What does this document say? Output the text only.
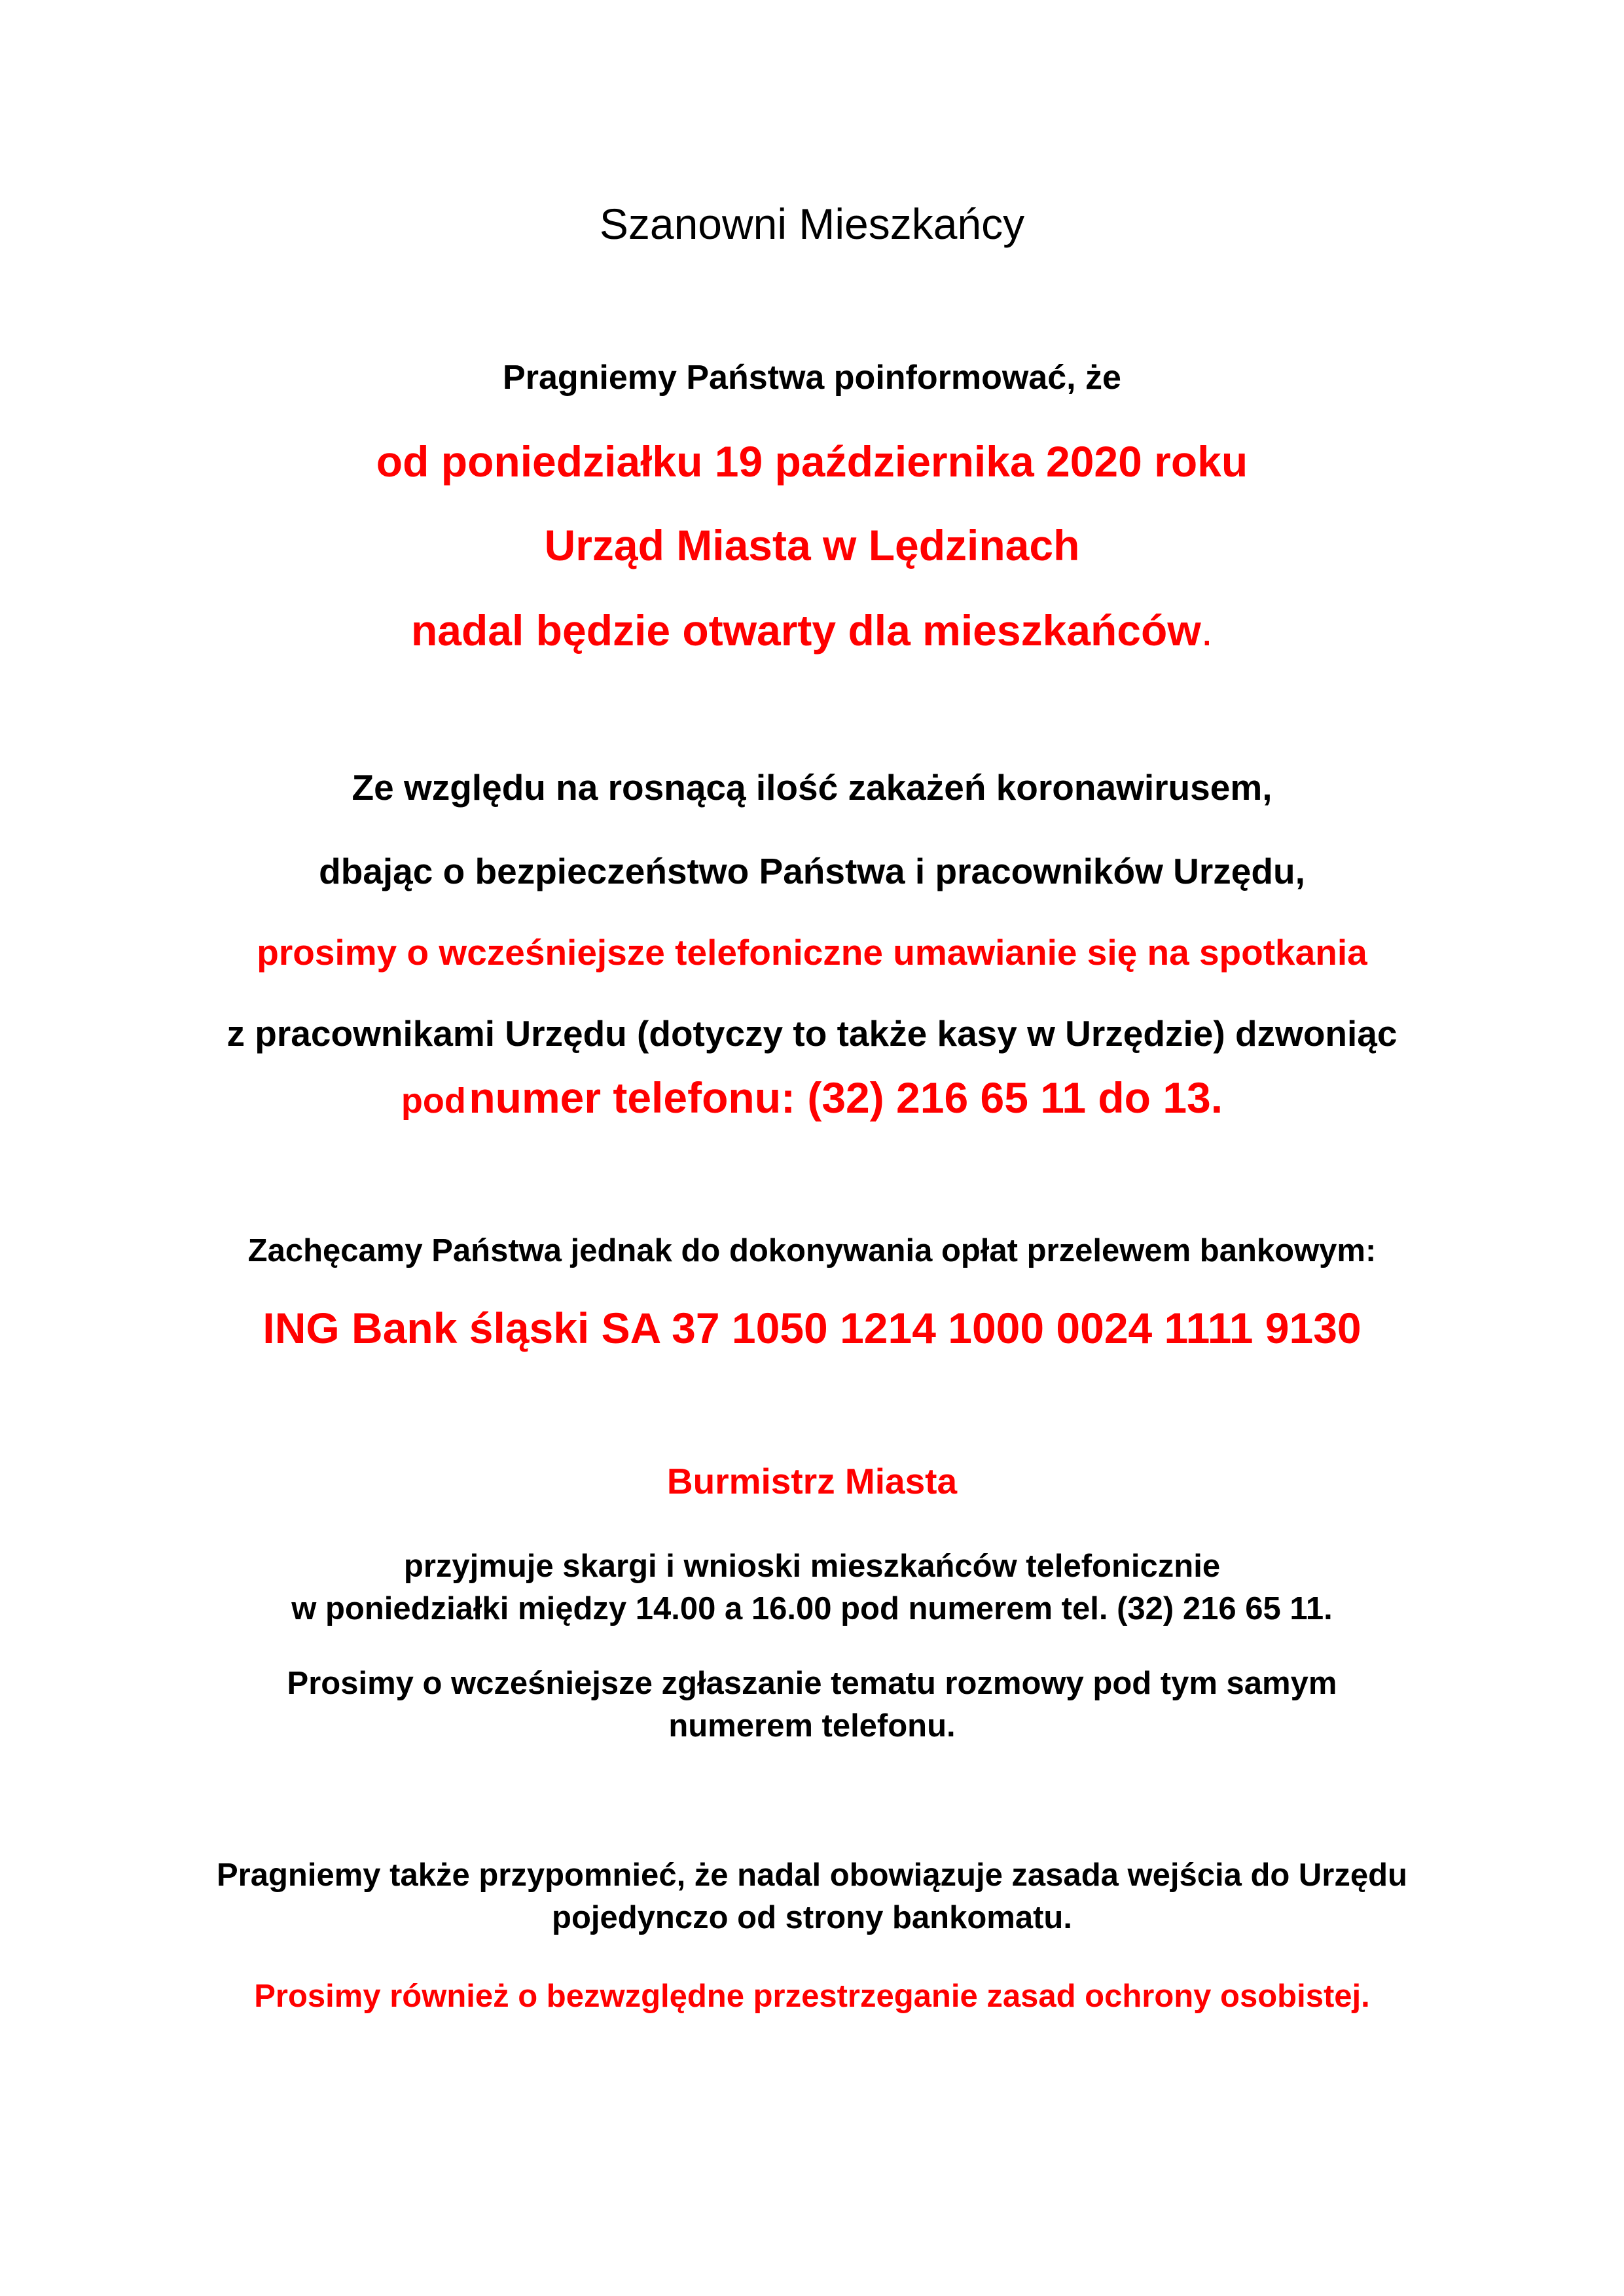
Szanowni Mieszkańcy
Pragniemy Państwa poinformować, że
od poniedziałku 19 października 2020 roku
Urząd Miasta w Lędzinach
nadal będzie otwarty dla mieszkańców.
Ze względu na rosnącą ilość zakażeń koronawirusem,
dbając o bezpieczeństwo Państwa i pracowników Urzędu,
prosimy o wcześniejsze telefoniczne umawianie się na spotkania
z pracownikami Urzędu (dotyczy to także kasy w Urzędzie) dzwoniąc
pod numer telefonu: (32) 216 65 11 do 13.
Zachęcamy Państwa jednak do dokonywania opłat przelewem bankowym:
ING Bank śląski SA 37 1050 1214 1000 0024 1111 9130
Burmistrz Miasta
przyjmuje skargi i wnioski mieszkańców telefonicznie
w poniedziałki między 14.00 a 16.00 pod numerem tel. (32) 216 65 11.
Prosimy o wcześniejsze zgłaszanie tematu rozmowy pod tym samym
numerem telefonu.
Pragniemy także przypomnieć, że nadal obowiązuje zasada wejścia do Urzędu
pojedynczo od strony bankomatu.
Prosimy również o bezwzględne przestrzeganie zasad ochrony osobistej.
